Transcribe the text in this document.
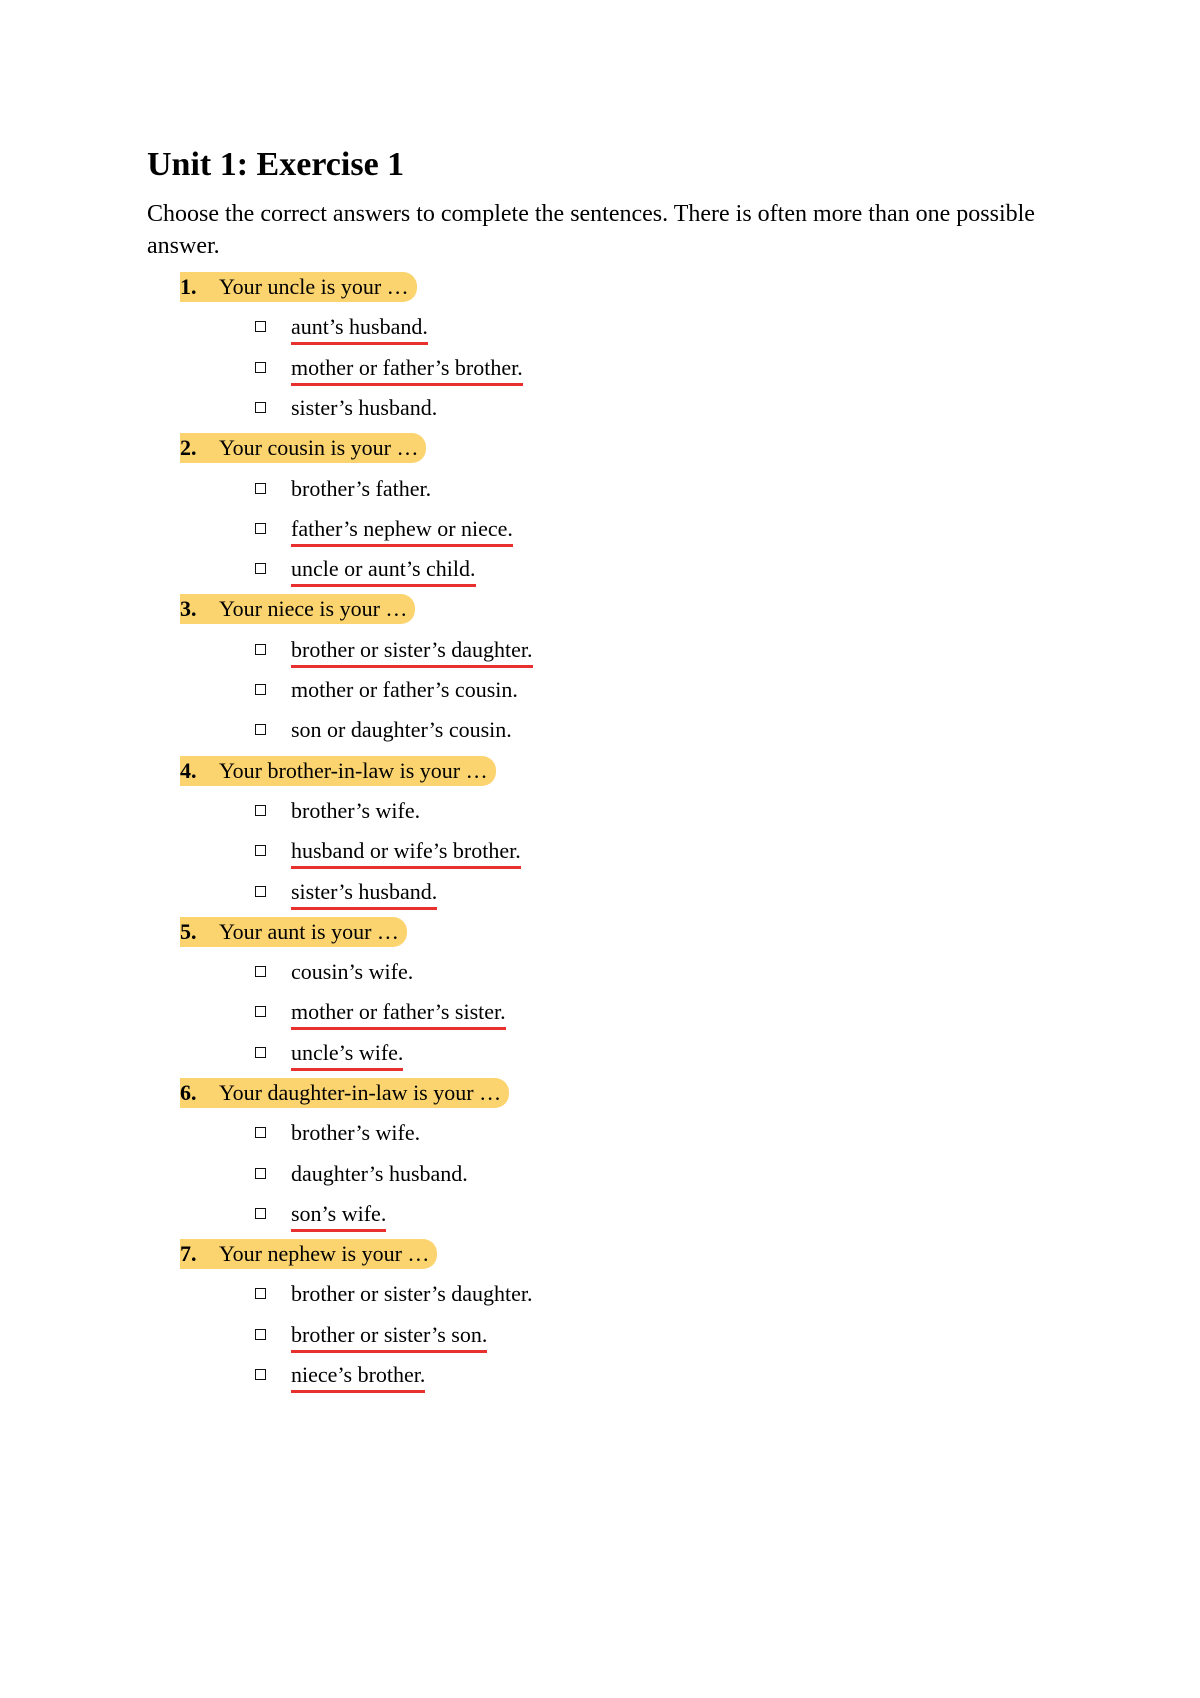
Unit 1: Exercise 1

Choose the correct answers to complete the sentences. There is often more than one possible answer.

1. Your uncle is your …
aunt’s husband.
mother or father’s brother.
sister’s husband.
2. Your cousin is your …
brother’s father.
father’s nephew or niece.
uncle or aunt’s child.
3. Your niece is your …
brother or sister’s daughter.
mother or father’s cousin.
son or daughter’s cousin.
4. Your brother-in-law is your …
brother’s wife.
husband or wife’s brother.
sister’s husband.
5. Your aunt is your …
cousin’s wife.
mother or father’s sister.
uncle’s wife.
6. Your daughter-in-law is your …
brother’s wife.
daughter’s husband.
son’s wife.
7. Your nephew is your …
brother or sister’s daughter.
brother or sister’s son.
niece’s brother.
